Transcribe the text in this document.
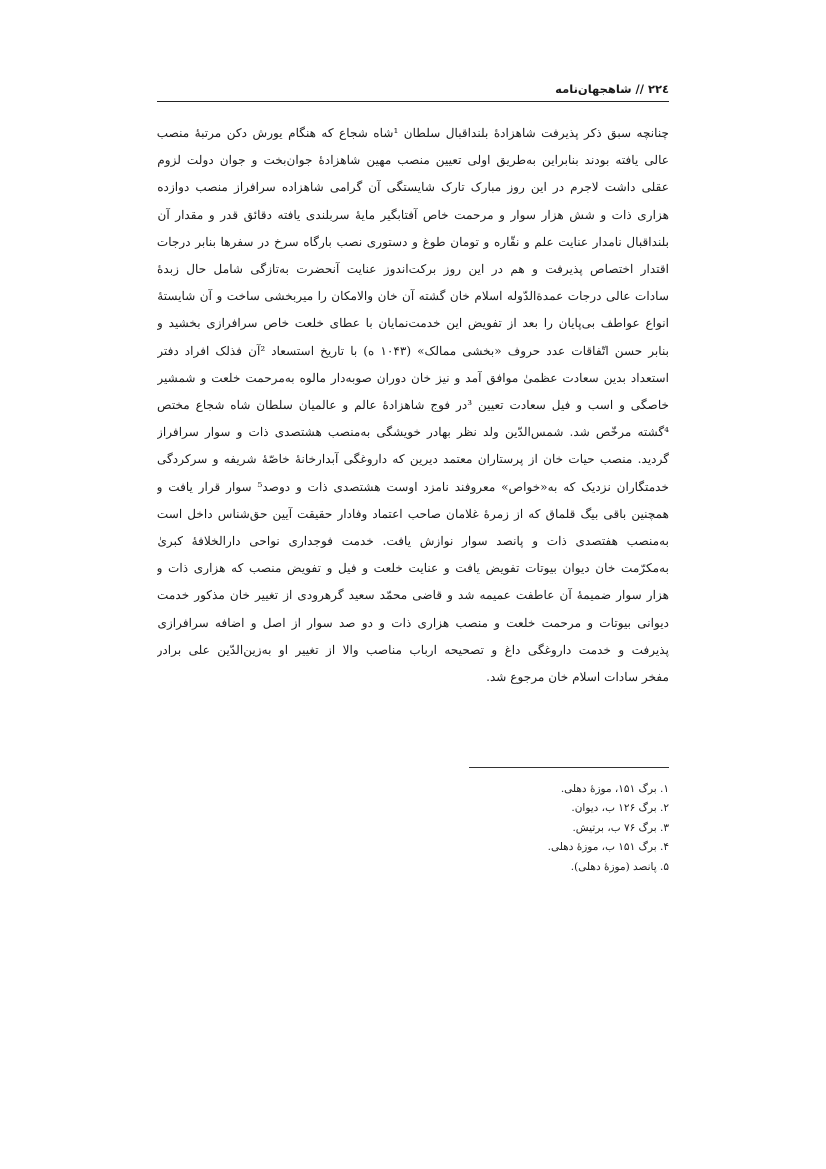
٢٢٤ // شاهجهان‌نامه
چنانچه سبق ذکر پذیرفت شاهزادهٔ بلنداقبال سلطان ¹شاه شجاع که هنگام یورش دکن مرتبهٔ منصب
عالی یافته بودند بنابراین به‌طریق اولی تعیین منصب مهین شاهزادهٔ جوان‌بخت و جوان دولت لزوم
عقلی داشت لاجرم در این روز مبارک تارک شایستگی آن گرامی شاهزاده سرافراز منصب دوازده
هزاری ذات و شش هزار سوار و مرحمت خاص آفتابگیر مایهٔ سربلندی یافته دقائق قدر و مقدار آن
بلنداقبال نامدار عنایت علم و نقّاره و تومان طوغ و دستوری نصب بارگاه سرخ در سفرها بنابر درجات
اقتدار اختصاص پذیرفت و هم در این روز برکت‌اندوز عنایت آنحضرت به‌تازگی شامل حال زبدهٔ
سادات عالی درجات عمدةالدّوله اسلام خان گشته آن خان والامکان را میربخشی ساخت و آن شایستهٔ
انواع عواطف بی‌پایان را بعد از تفویض این خدمت‌نمایان با عطای خلعت خاص سرافرازی بخشید و
بنابر حسن اتّفاقات عدد حروف «بخشی ممالک» (۱۰۴۳ ه) با تاریخ استسعاد ²آن فذلک افراد دفتر
استعداد بدین سعادت عظمیٰ موافق آمد و نیز خان دوران صوبه‌دار مالوه به‌مرحمت خلعت و شمشیر
خاصگی و اسب و فیل سعادت تعیین ³در فوج شاهزادهٔ عالم و عالمیان سلطان شاه شجاع مختص
⁴گشته مرخّص شد. شمس‌الدّین ولد نظر بهادر خویشگی به‌منصب هشتصدی ذات و سوار سرافراز
گردید. منصب حیات خان از پرستاران معتمد دیرین که داروغگی آبدارخانهٔ خاصّهٔ شریفه و سرکردگی
خدمتگاران نزدیک که به«خواص» معروفند نامزد اوست هشتصدی ذات و دوصد⁵ سوار قرار یافت و
همچنین باقی بیگ قلماق که از زمرهٔ غلامان صاحب اعتماد وفادار حقیقت آیین حق‌شناس داخل است
به‌منصب هفتصدی ذات و پانصد سوار نوازش یافت. خدمت فوجداری نواحی دارالخلافهٔ کبریٰ
به‌مکرّمت خان دیوان بیوتات تفویض یافت و عنایت خلعت و فیل و تفویض منصب که هزاری ذات و
هزار سوار ضمیمهٔ آن عاطفت عمیمه شد و قاضی محمّد سعید گرهرودی از تغییر خان مذکور خدمت
دیوانی بیوتات و مرحمت خلعت و منصب هزاری ذات و دو صد سوار از اصل و اضافه سرافرازی
پذیرفت و خدمت داروغگی داغ و تصحیحه ارباب مناصب والا از تغییر او به‌زین‌الدّین علی برادر
مفخر سادات اسلام خان مرجوع شد.
۱. برگ ۱۵۱، موزهٔ دهلی.
۲. برگ ۱۲۶ ب، دیوان.
۳. برگ ۷۶ ب، برتیش.
۴. برگ ۱۵۱ ب، موزهٔ دهلی.
۵. پانصد (موزهٔ دهلی).
